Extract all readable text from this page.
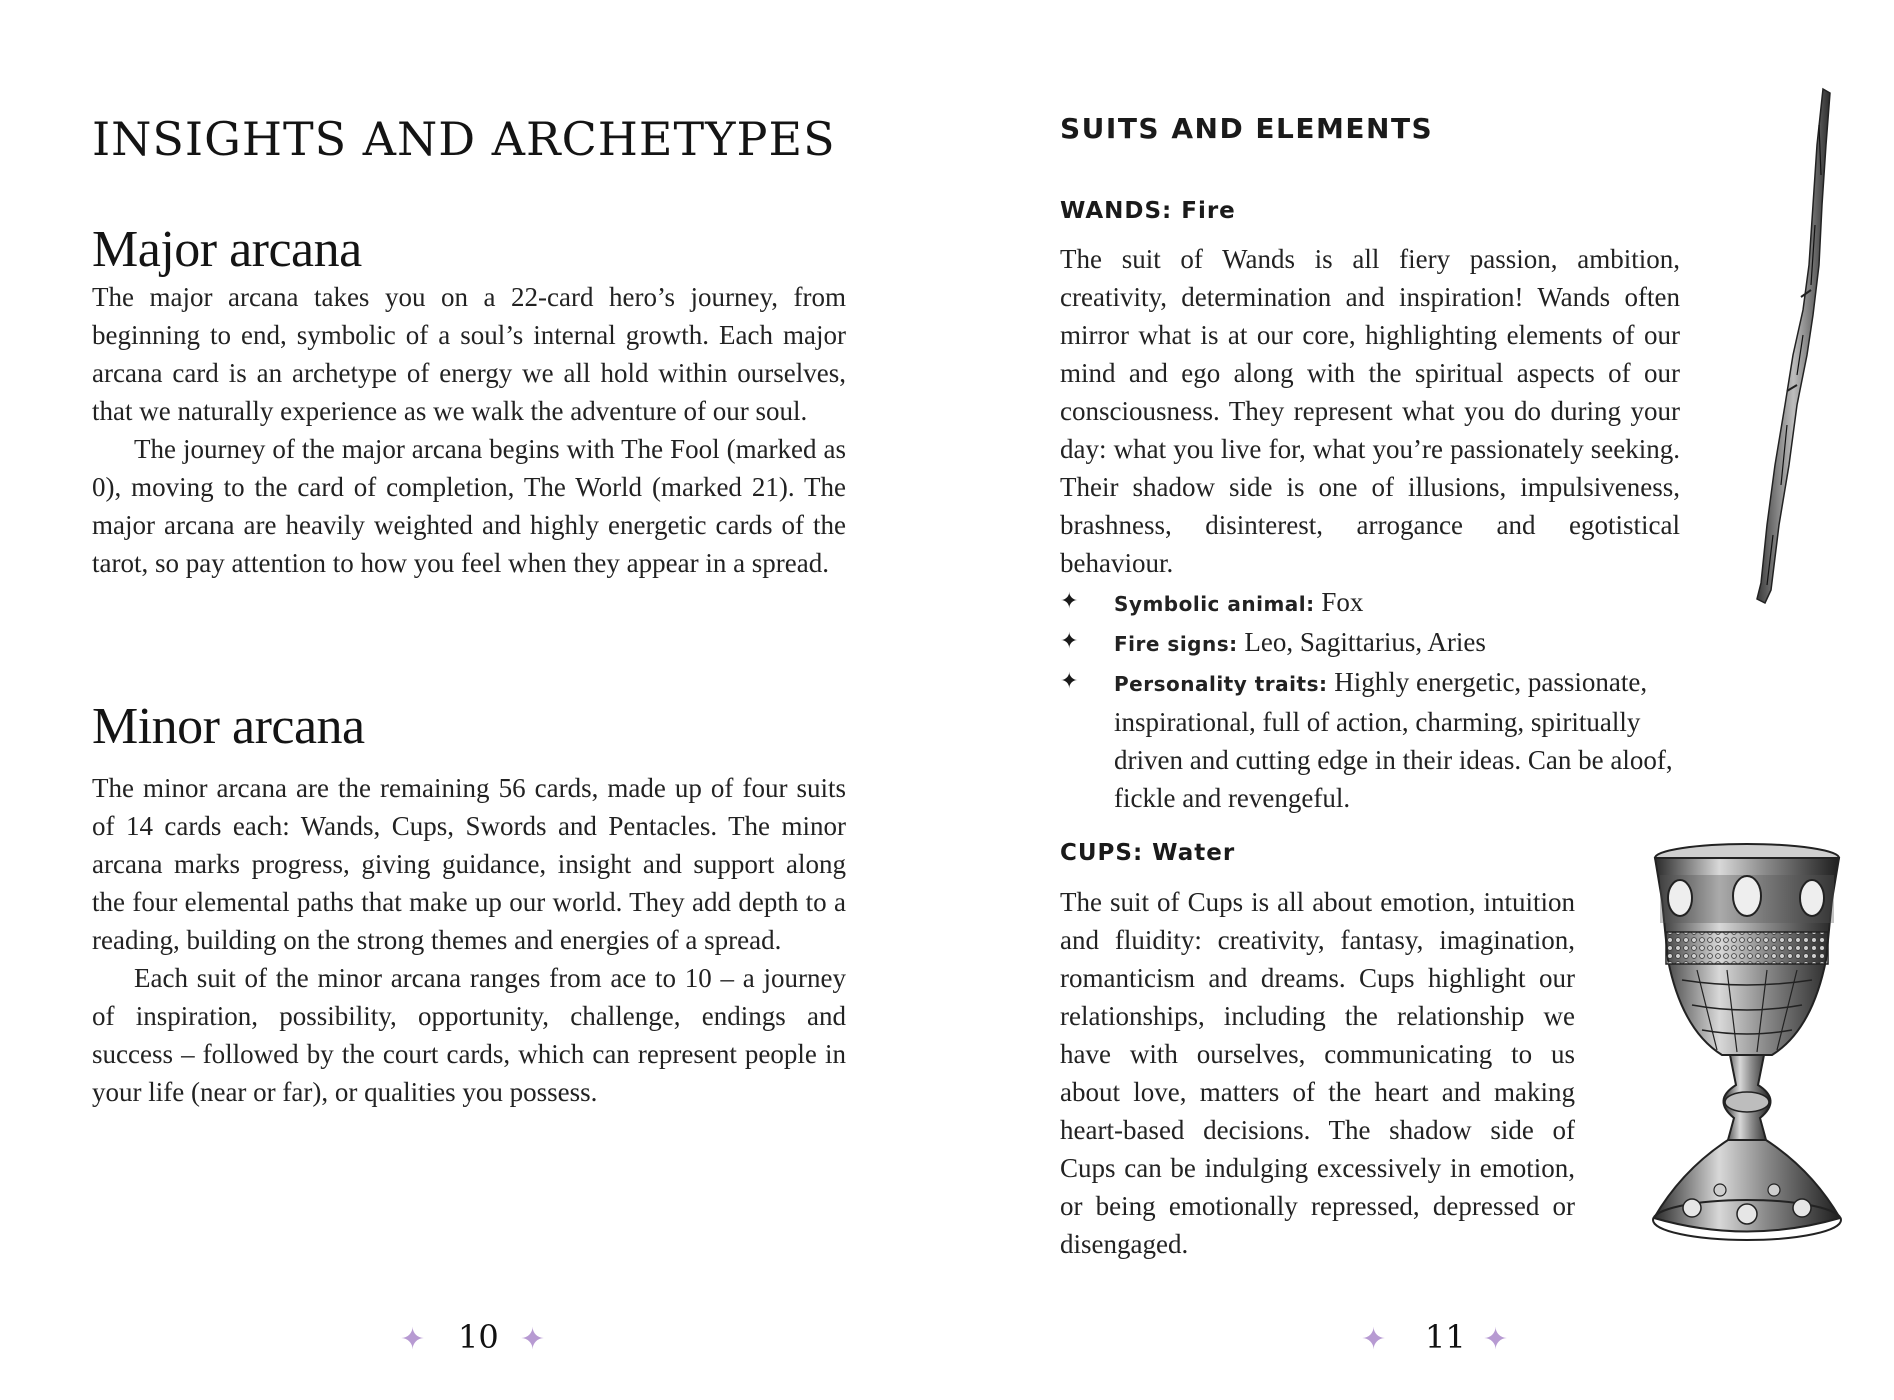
INSIGHTS AND ARCHETYPES
Major arcana

The major arcana takes you on a 22-card hero’s journey, from beginning to end, symbolic of a soul’s internal growth. Each major arcana card is an archetype of energy we all hold within ourselves, that we naturally experience as we walk the adventure of our soul.

The journey of the major arcana begins with The Fool (marked as 0), moving to the card of completion, The World (marked 21). The major arcana are heavily weighted and highly energetic cards of the tarot, so pay attention to how you feel when they appear in a spread.

Minor arcana

The minor arcana are the remaining 56 cards, made up of four suits of 14 cards each: Wands, Cups, Swords and Pentacles. The minor arcana marks progress, giving guidance, insight and support along the four elemental paths that make up our world. They add depth to a reading, building on the strong themes and energies of a spread.

Each suit of the minor arcana ranges from ace to 10 – a journey of inspiration, possibility, opportunity, challenge, endings and success – followed by the court cards, which can represent people in your life (near or far), or qualities you possess.

✦ 10 ✦
SUITS AND ELEMENTS
WANDS: Fire

The suit of Wands is all fiery passion, ambition, creativity, determination and inspiration! Wands often mirror what is at our core, highlighting elements of our mind and ego along with the spiritual aspects of our consciousness. They represent what you do during your day: what you live for, what you’re passionately seeking. Their shadow side is one of illusions, impulsiveness, brashness, disinterest, arrogance and egotistical behaviour.

✦ Symbolic animal: Fox
✦ Fire signs: Leo, Sagittarius, Aries
✦ Personality traits: Highly energetic, passionate, inspirational, full of action, charming, spiritually driven and cutting edge in their ideas. Can be aloof, fickle and revengeful.
CUPS: Water

The suit of Cups is all about emotion, intuition and fluidity: creativity, fantasy, imagination, romanticism and dreams. Cups highlight our relationships, including the relationship we have with ourselves, communicating to us about love, matters of the heart and making heart-based decisions. The shadow side of Cups can be indulging excessively in emotion, or being emotionally repressed, depressed or disengaged.

✦ 11 ✦
